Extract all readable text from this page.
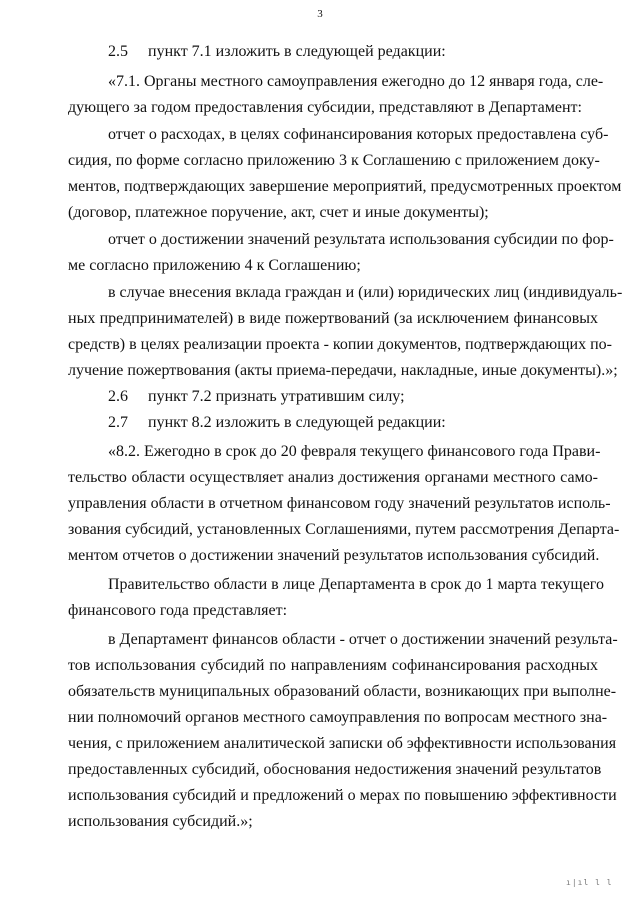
3
2.5 пункт 7.1 изложить в следующей редакции:
«7.1. Органы местного самоуправления ежегодно до 12 января года, сле-
дующего за годом предоставления субсидии, представляют в Департамент:
отчет о расходах, в целях софинансирования которых предоставлена суб-
сидия, по форме согласно приложению 3 к Соглашению с приложением доку-
ментов, подтверждающих завершение мероприятий, предусмотренных проектом
(договор, платежное поручение, акт, счет и иные документы);
отчет о достижении значений результата использования субсидии по фор-
ме согласно приложению 4 к Соглашению;
в случае внесения вклада граждан и (или) юридических лиц (индивидуаль-
ных предпринимателей) в виде пожертвований (за исключением финансовых
средств) в целях реализации проекта - копии документов, подтверждающих по-
лучение пожертвования (акты приема-передачи, накладные, иные документы).»;
2.6 пункт 7.2 признать утратившим силу;
2.7 пункт 8.2 изложить в следующей редакции:
«8.2. Ежегодно в срок до 20 февраля текущего финансового года Прави-
тельство области осуществляет анализ достижения органами местного само-
управления области в отчетном финансовом году значений результатов исполь-
зования субсидий, установленных Соглашениями, путем рассмотрения Департа-
ментом отчетов о достижении значений результатов использования субсидий.
Правительство области в лице Департамента в срок до 1 марта текущего
финансового года представляет:
в Департамент финансов области - отчет о достижении значений результа-
тов использования субсидий по направлениям софинансирования расходных
обязательств муниципальных образований области, возникающих при выполне-
нии полномочий органов местного самоуправления по вопросам местного зна-
чения, с приложением аналитической записки об эффективности использования
предоставленных субсидий, обоснования недостижения значений результатов
использования субсидий и предложений о мерах по повышению эффективности
использования субсидий.»;
ı|ıl l l
